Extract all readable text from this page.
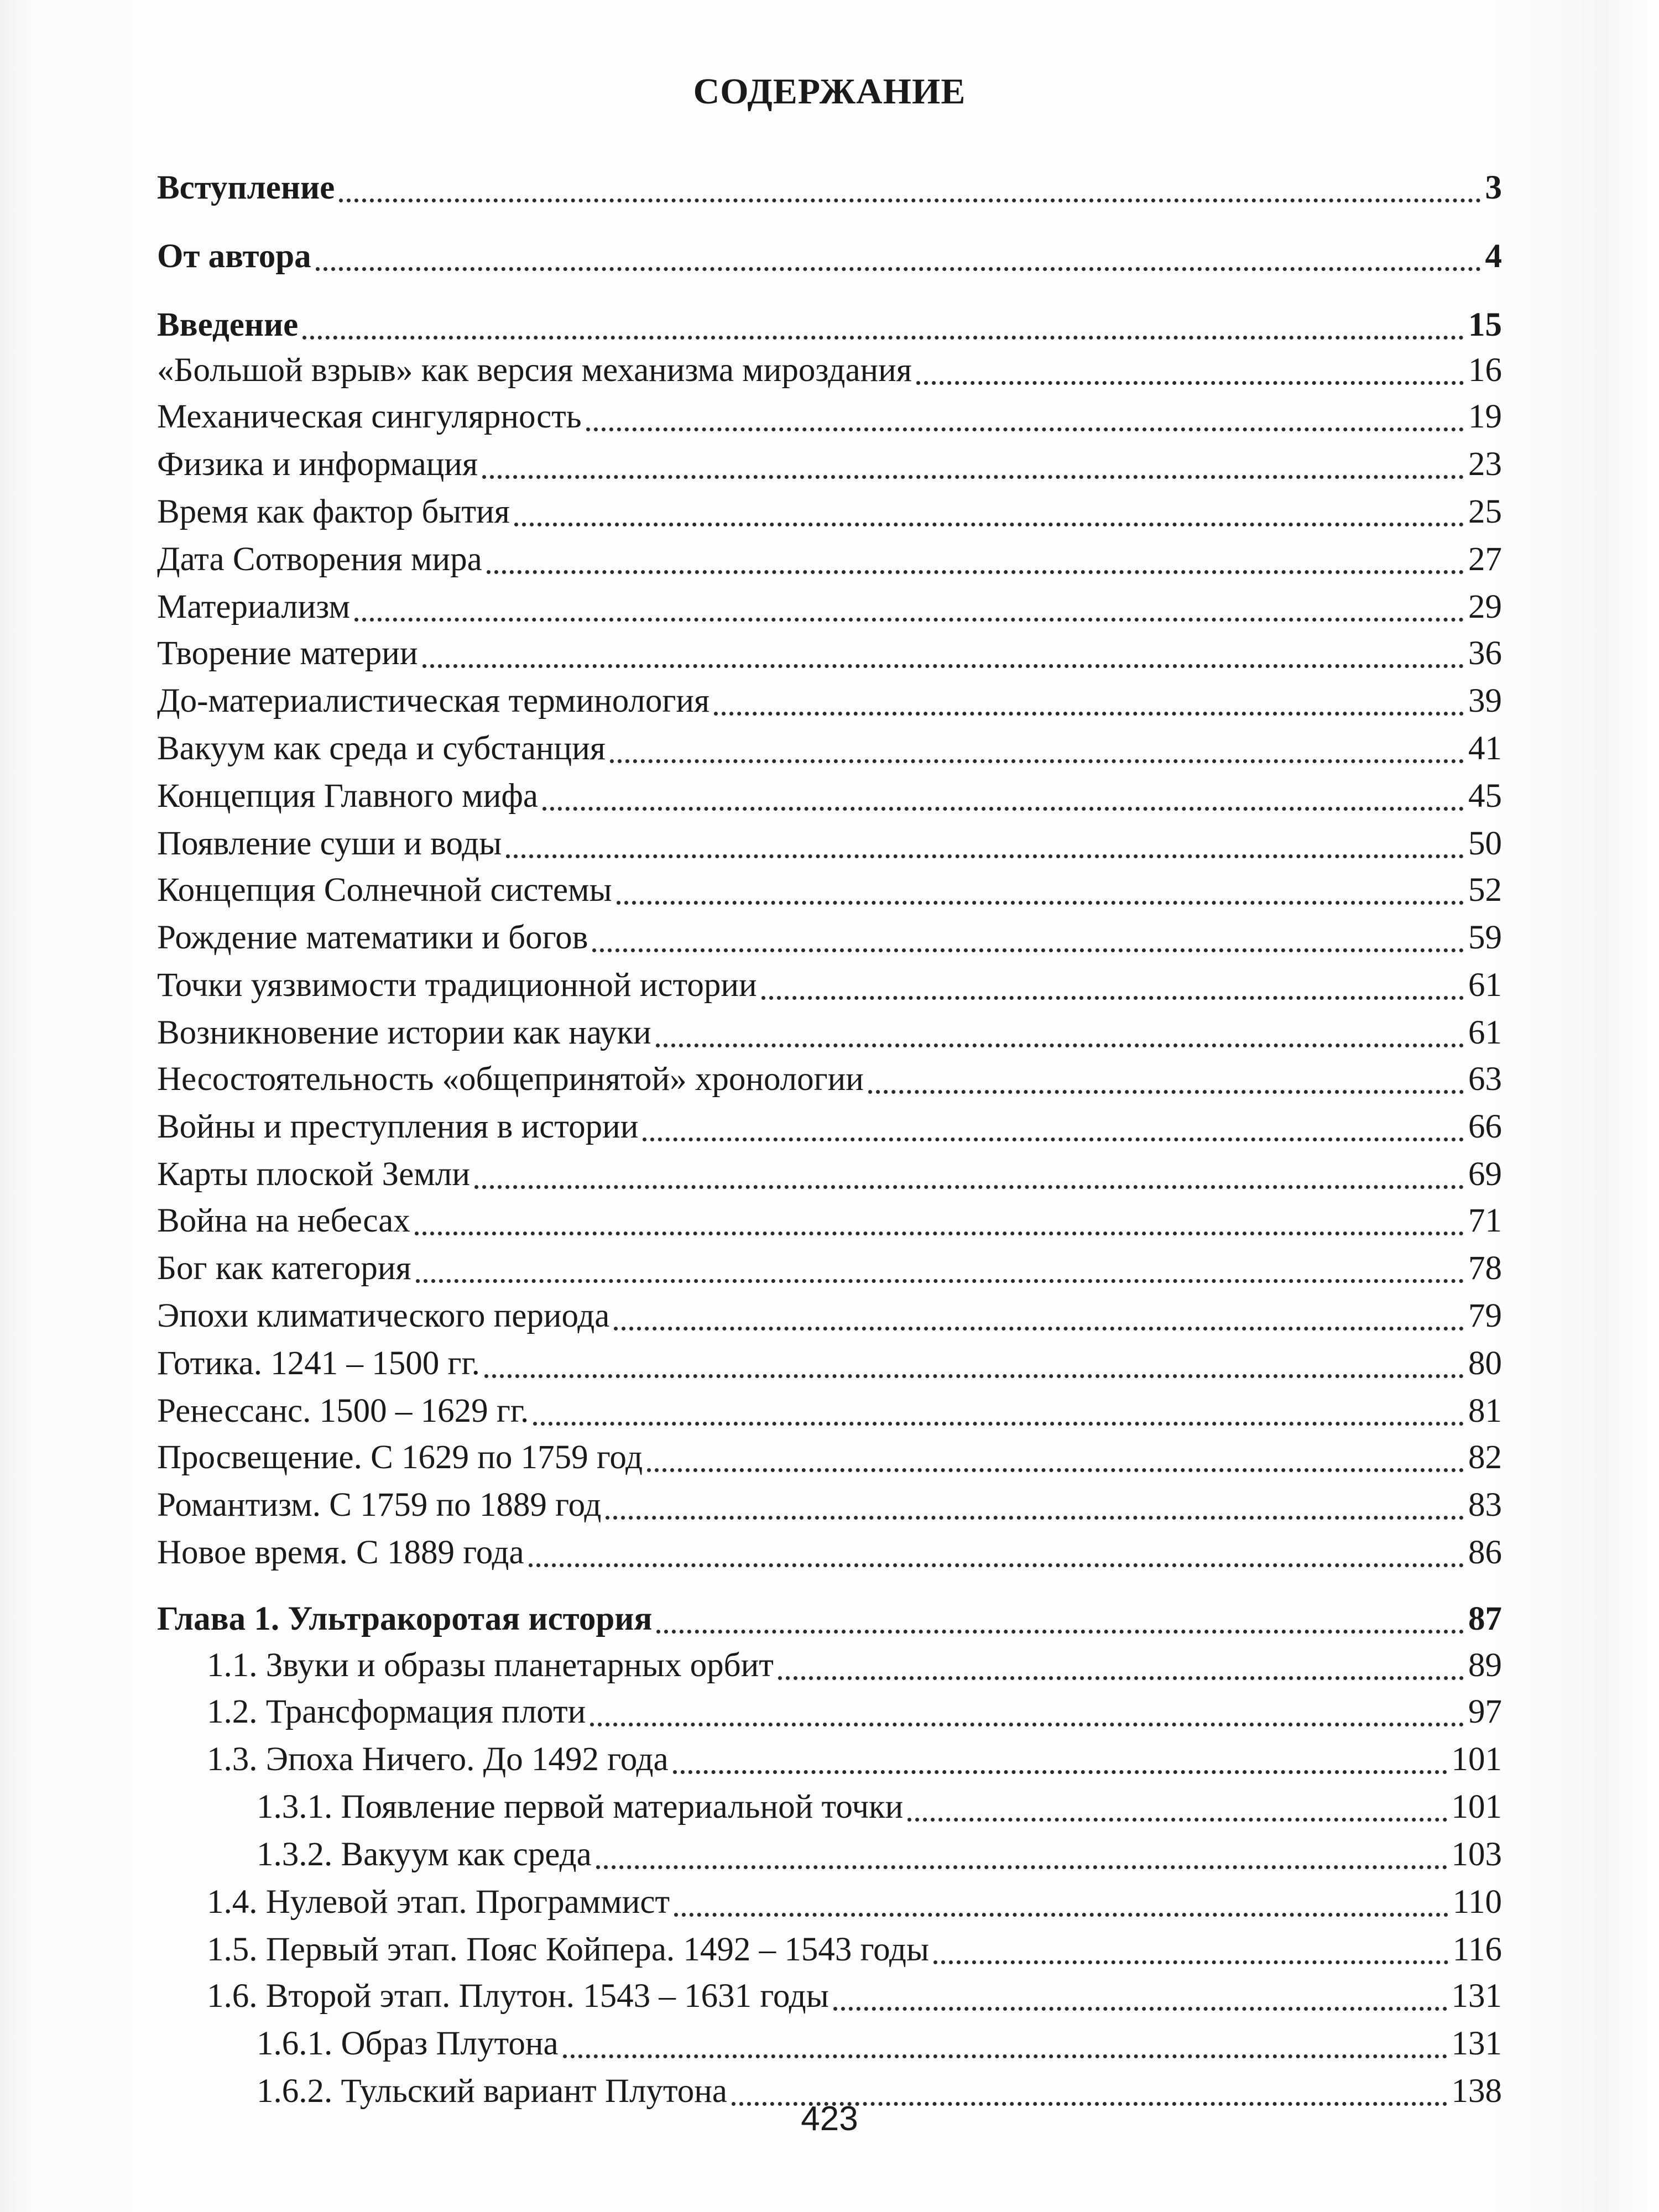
СОДЕРЖАНИЕ
Вступление	3
От автора	4
Введение	15
«Большой взрыв» как версия механизма мироздания	16
Механическая сингулярность	19
Физика и информация	23
Время как фактор бытия	25
Дата Сотворения мира	27
Материализм	29
Творение материи	36
До-материалистическая терминология	39
Вакуум как среда и субстанция	41
Концепция Главного мифа	45
Появление суши и воды	50
Концепция Солнечной системы	52
Рождение математики и богов	59
Точки уязвимости традиционной истории	61
Возникновение истории как науки	61
Несостоятельность «общепринятой» хронологии	63
Войны и преступления в истории	66
Карты плоской Земли	69
Война на небесах	71
Бог как категория	78
Эпохи климатического периода	79
Готика. 1241 – 1500 гг.	80
Ренессанс. 1500 – 1629 гг.	81
Просвещение. С 1629 по 1759 год	82
Романтизм. С 1759 по 1889 год	83
Новое время. С 1889 года	86
Глава 1. Ультракоротая история	87
1.1. Звуки и образы планетарных орбит	89
1.2. Трансформация плоти	97
1.3. Эпоха Ничего. До 1492 года	101
1.3.1. Появление первой материальной точки	101
1.3.2. Вакуум как среда	103
1.4. Нулевой этап. Программист	110
1.5. Первый этап. Пояс Койпера. 1492 – 1543 годы	116
1.6. Второй этап. Плутон. 1543 – 1631 годы	131
1.6.1. Образ Плутона	131
1.6.2. Тульский вариант Плутона	138
423
